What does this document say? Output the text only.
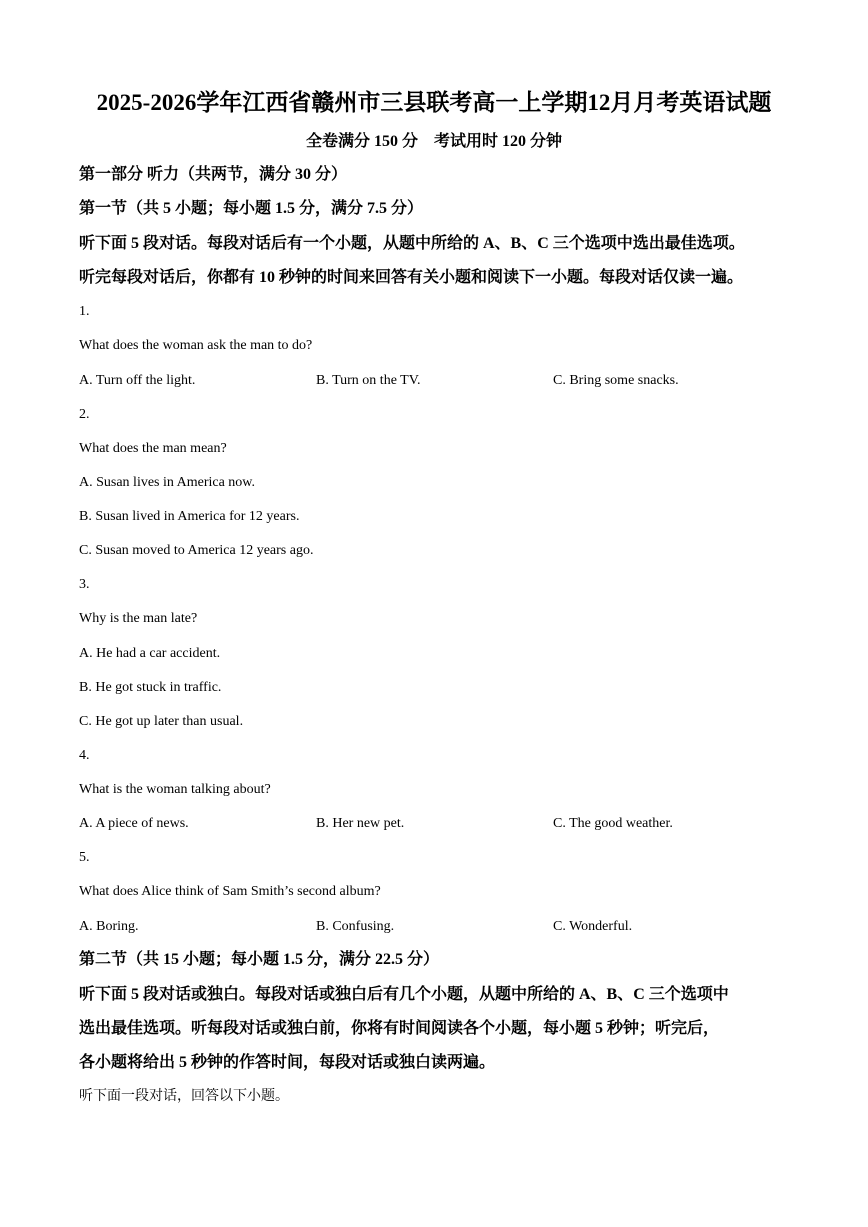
2025-2026学年江西省赣州市三县联考高一上学期12月月考英语试题
全卷满分 150 分　考试用时 120 分钟
第一部分 听力（共两节，满分 30 分）
第一节（共 5 小题；每小题 1.5 分，满分 7.5 分）
听下面 5 段对话。每段对话后有一个小题，从题中所给的 A、B、C 三个选项中选出最佳选项。
听完每段对话后，你都有 10 秒钟的时间来回答有关小题和阅读下一小题。每段对话仅读一遍。
1.
What does the woman ask the man to do?
A. Turn off the light.	B. Turn on the TV.	C. Bring some snacks.
2.
What does the man mean?
A. Susan lives in America now.
B. Susan lived in America for 12 years.
C. Susan moved to America 12 years ago.
3.
Why is the man late?
A. He had a car accident.
B. He got stuck in traffic.
C. He got up later than usual.
4.
What is the woman talking about?
A. A piece of news.	B. Her new pet.	C. The good weather.
5.
What does Alice think of Sam Smith’s second album?
A. Boring.	B. Confusing.	C. Wonderful.
第二节（共 15 小题；每小题 1.5 分，满分 22.5 分）
听下面 5 段对话或独白。每段对话或独白后有几个小题，从题中所给的 A、B、C 三个选项中
选出最佳选项。听每段对话或独白前，你将有时间阅读各个小题，每小题 5 秒钟；听完后，
各小题将给出 5 秒钟的作答时间，每段对话或独白读两遍。
听下面一段对话，回答以下小题。
